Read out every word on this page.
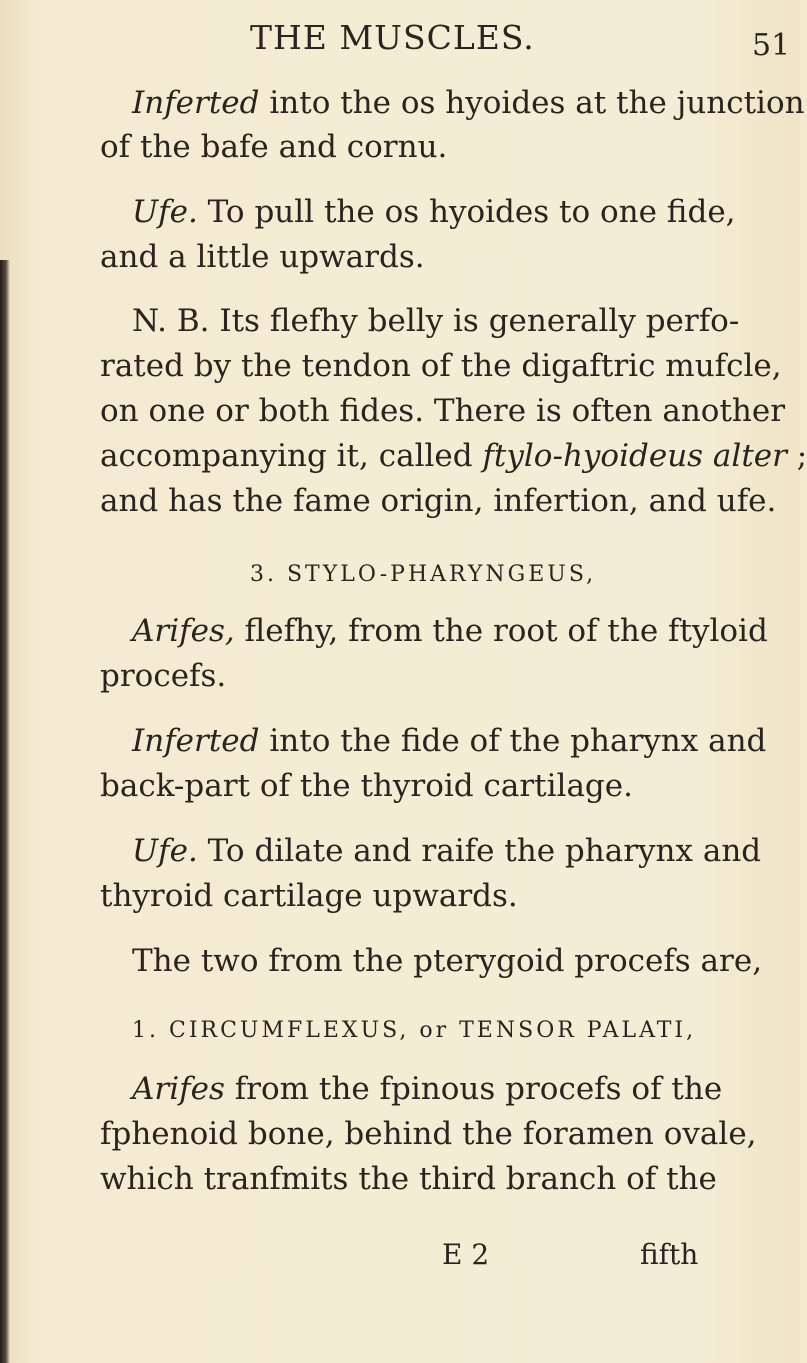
THE MUSCLES.	51
Inferted into the os hyoides at the junction
of the bafe and cornu.
Ufe. To pull the os hyoides to one fide,
and a little upwards.
N. B. Its flefhy belly is generally perfo-
rated by the tendon of the digaftric mufcle,
on one or both fides. There is often another
accompanying it, called ftylo-hyoideus alter ;
and has the fame origin, infertion, and ufe.
3. STYLO-PHARYNGEUS,
Arifes, flefhy, from the root of the ftyloid
procefs.
Inferted into the fide of the pharynx and
back-part of the thyroid cartilage.
Ufe. To dilate and raife the pharynx and
thyroid cartilage upwards.
The two from the pterygoid procefs are,
1. CIRCUMFLEXUS, or TENSOR PALATI,
Arifes from the fpinous procefs of the
fphenoid bone, behind the foramen ovale,
which tranfmits the third branch of the
E 2	fifth
